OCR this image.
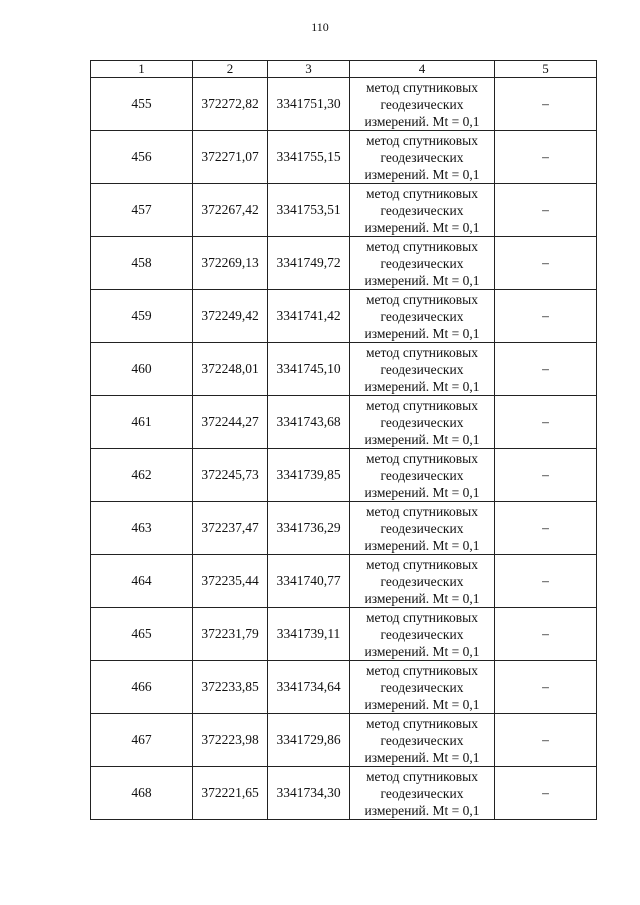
110
1	2	3	4	5
455	372272,82	3341751,30	метод спутниковых
геодезических
измерений. Mt = 0,1	–
456	372271,07	3341755,15	метод спутниковых
геодезических
измерений. Mt = 0,1	–
457	372267,42	3341753,51	метод спутниковых
геодезических
измерений. Mt = 0,1	–
458	372269,13	3341749,72	метод спутниковых
геодезических
измерений. Mt = 0,1	–
459	372249,42	3341741,42	метод спутниковых
геодезических
измерений. Mt = 0,1	–
460	372248,01	3341745,10	метод спутниковых
геодезических
измерений. Mt = 0,1	–
461	372244,27	3341743,68	метод спутниковых
геодезических
измерений. Mt = 0,1	–
462	372245,73	3341739,85	метод спутниковых
геодезических
измерений. Mt = 0,1	–
463	372237,47	3341736,29	метод спутниковых
геодезических
измерений. Mt = 0,1	–
464	372235,44	3341740,77	метод спутниковых
геодезических
измерений. Mt = 0,1	–
465	372231,79	3341739,11	метод спутниковых
геодезических
измерений. Mt = 0,1	–
466	372233,85	3341734,64	метод спутниковых
геодезических
измерений. Mt = 0,1	–
467	372223,98	3341729,86	метод спутниковых
геодезических
измерений. Mt = 0,1	–
468	372221,65	3341734,30	метод спутниковых
геодезических
измерений. Mt = 0,1	–
